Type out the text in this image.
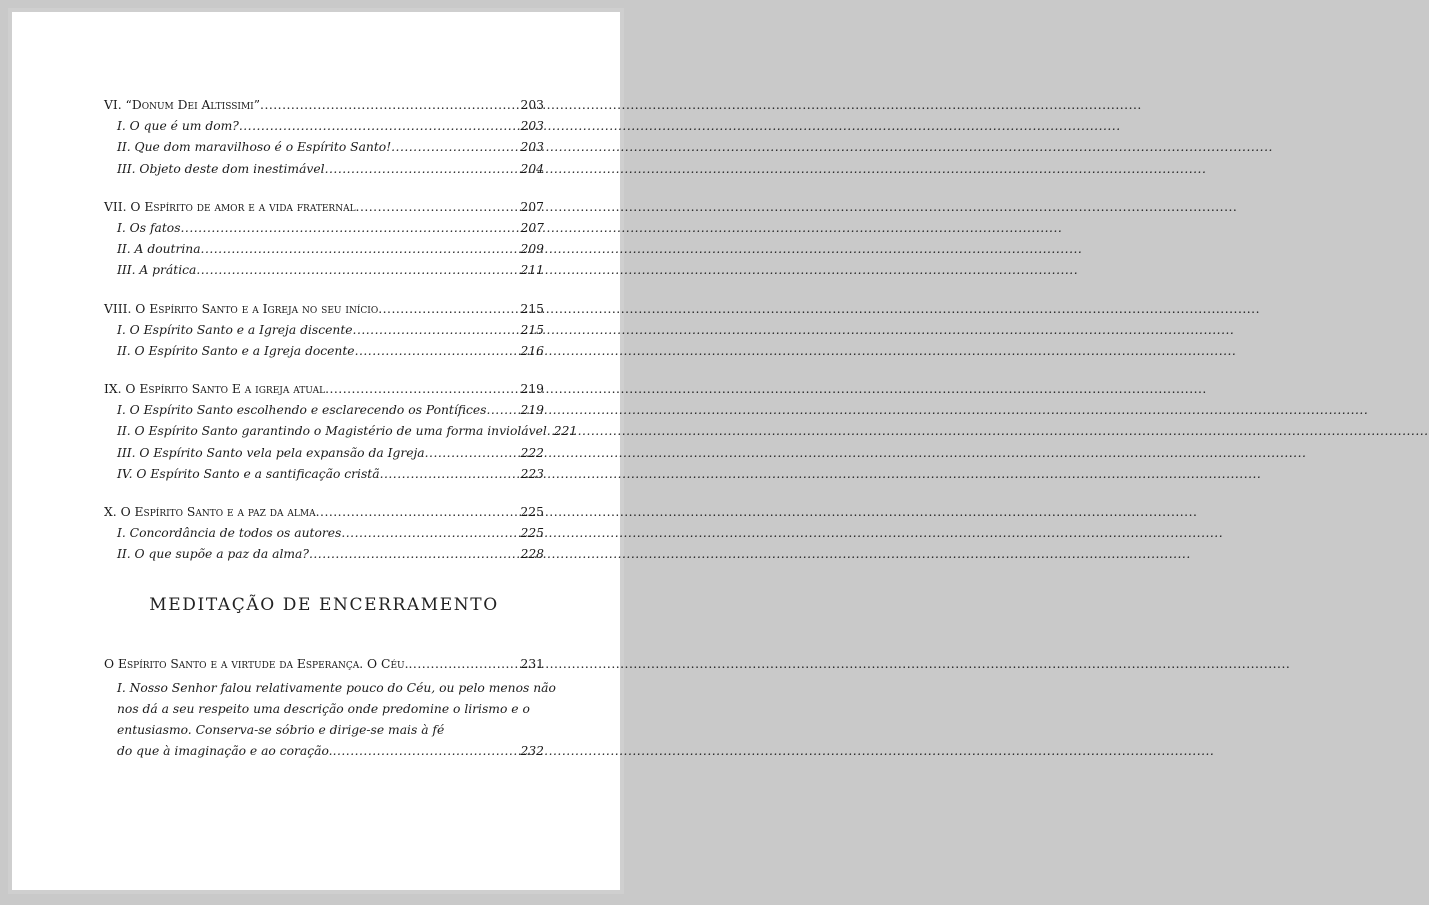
VI. “Donum Dei Altissimi” .....	203
I. O que é um dom? .....	203
II. Que dom maravilhoso é o Espírito Santo! .....	203
III. Objeto deste dom inestimável .....	204
VII. O Espírito de amor e a vida fraternal .....	207
I. Os fatos .....	207
II. A doutrina .....	209
III. A prática .....	211
VIII. O Espírito Santo e a Igreja no seu início .....	215
I. O Espírito Santo e a Igreja discente .....	215
II. O Espírito Santo e a Igreja docente .....	216
IX. O Espírito Santo E a igreja atual .....	219
I. O Espírito Santo escolhendo e esclarecendo os Pontífices .....	219
II. O Espírito Santo garantindo o Magistério de uma forma inviolável ..... 221
III. O Espírito Santo vela pela expansão da Igreja .....	222
IV. O Espírito Santo e a santificação cristã .....	223
X. O Espírito Santo e a paz da alma .....	225
I. Concordância de todos os autores .....	225
II. O que supõe a paz da alma? .....	228
MEDITAÇÃO DE ENCERRAMENTO
O Espírito Santo e a virtude da Esperança. O Céu. .....	231
I. Nosso Senhor falou relativamente pouco do Céu, ou pelo menos não
nos dá a seu respeito uma descrição onde predomine o lirismo e o
entusiasmo. Conserva-se sóbrio e dirige-se mais à fé
do que à imaginação e ao coração. .....	232
